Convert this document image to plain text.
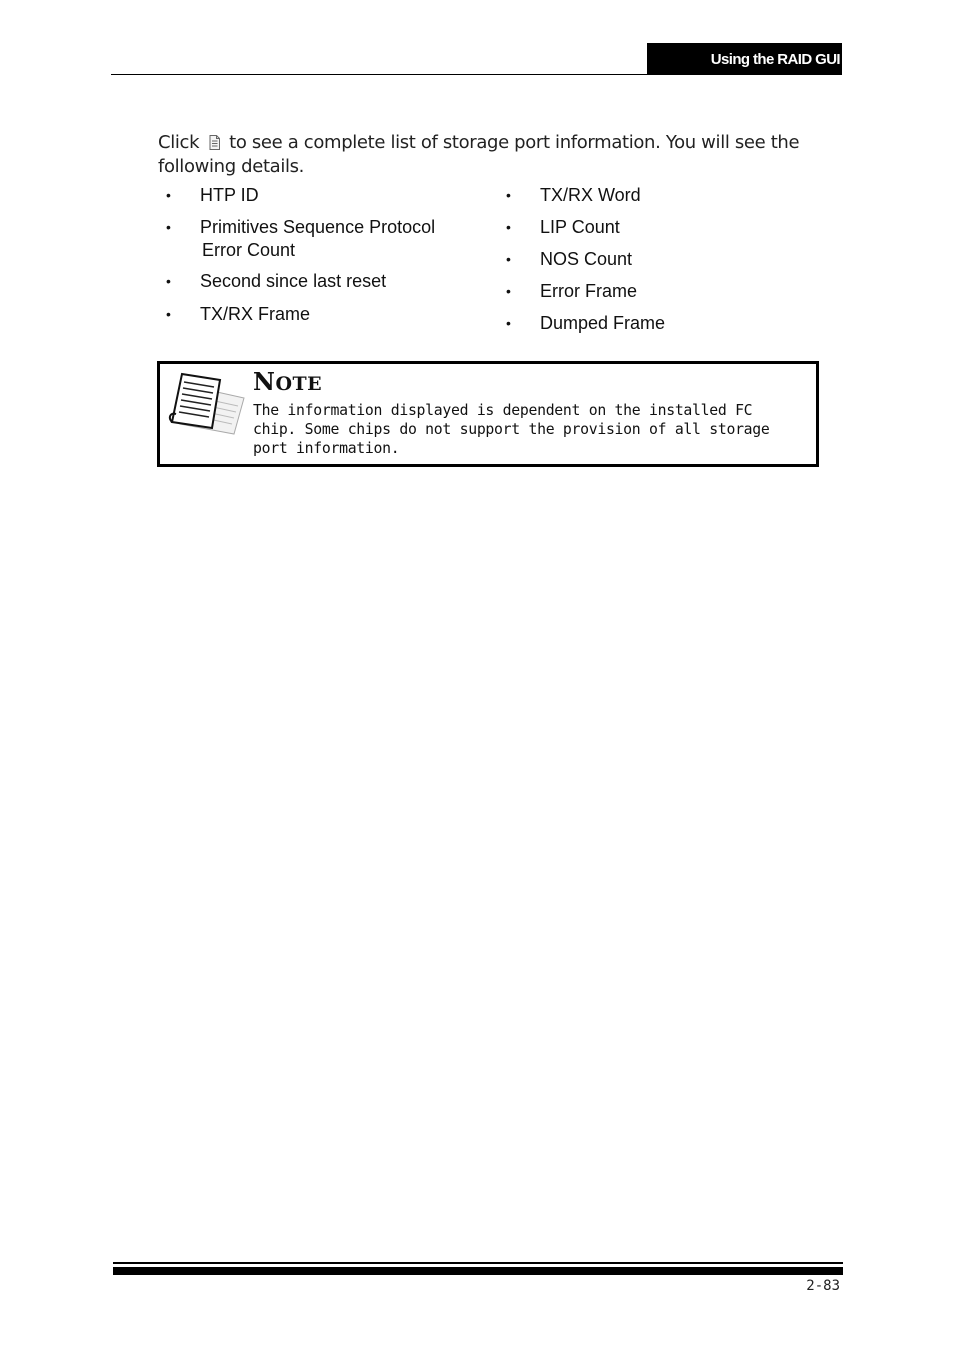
Using the RAID GUI

Click to see a complete list of storage port information. You will see the following details.

• HTP ID
• Primitives Sequence Protocol
Error Count
• Second since last reset
• TX/RX Frame
• TX/RX Word
• LIP Count
• NOS Count
• Error Frame
• Dumped Frame
NOTE
The information displayed is dependent on the installed FC chip. Some chips do not support the provision of all storage port information.
2-83
